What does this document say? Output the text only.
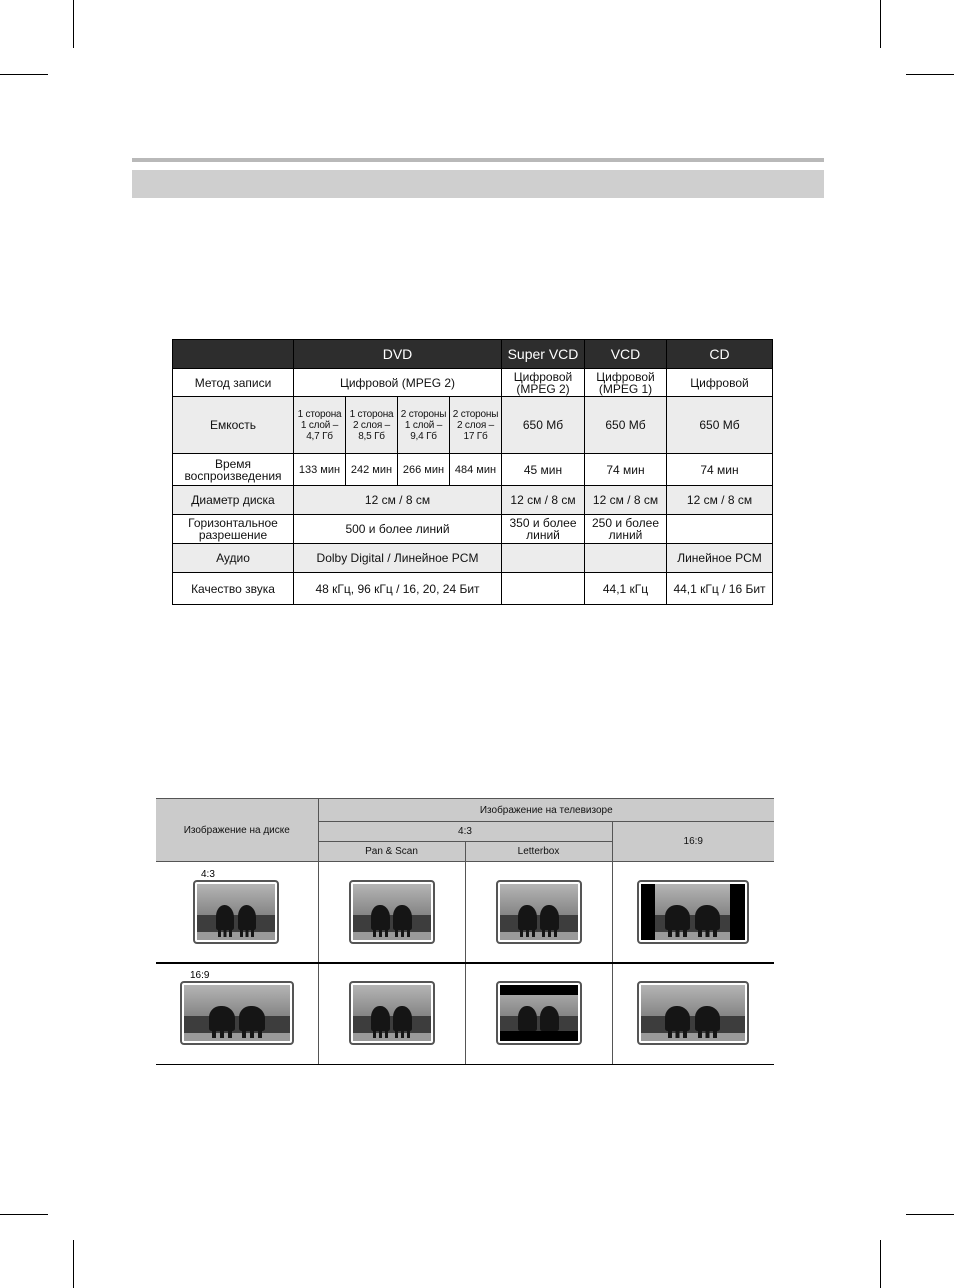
	DVD				Super VCD	VCD	CD
Метод записи	Цифровой (MPEG 2)				Цифровой (MPEG 2)	Цифровой (MPEG 1)	Цифровой
Емкость	1 сторона 1 слой – 4,7 Гб	1 сторона 2 слоя – 8,5 Гб	2 стороны 1 слой – 9,4 Гб	2 стороны 2 слоя – 17 Гб	650 Мб	650 Мб	650 Мб
Время воспроизведения	133 мин	242 мин	266 мин	484 мин	45 мин	74 мин	74 мин
Диаметр диска	12 см / 8 см				12 см / 8 см	12 см / 8 см	12 см / 8 см
Горизонтальное разрешение	500 и более линий				350 и более линий	250 и более линий	
Аудио	Dolby Digital / Линейное PCM						Линейное PCM
Качество звука	48 кГц, 96 кГц / 16, 20, 24 Бит					44,1 кГц	44,1 кГц / 16 Бит
Изображение на диске	Изображение на телевизоре		
	4:3		16:9
	Pan & Scan	Letterbox	

4:3			

16:9			
